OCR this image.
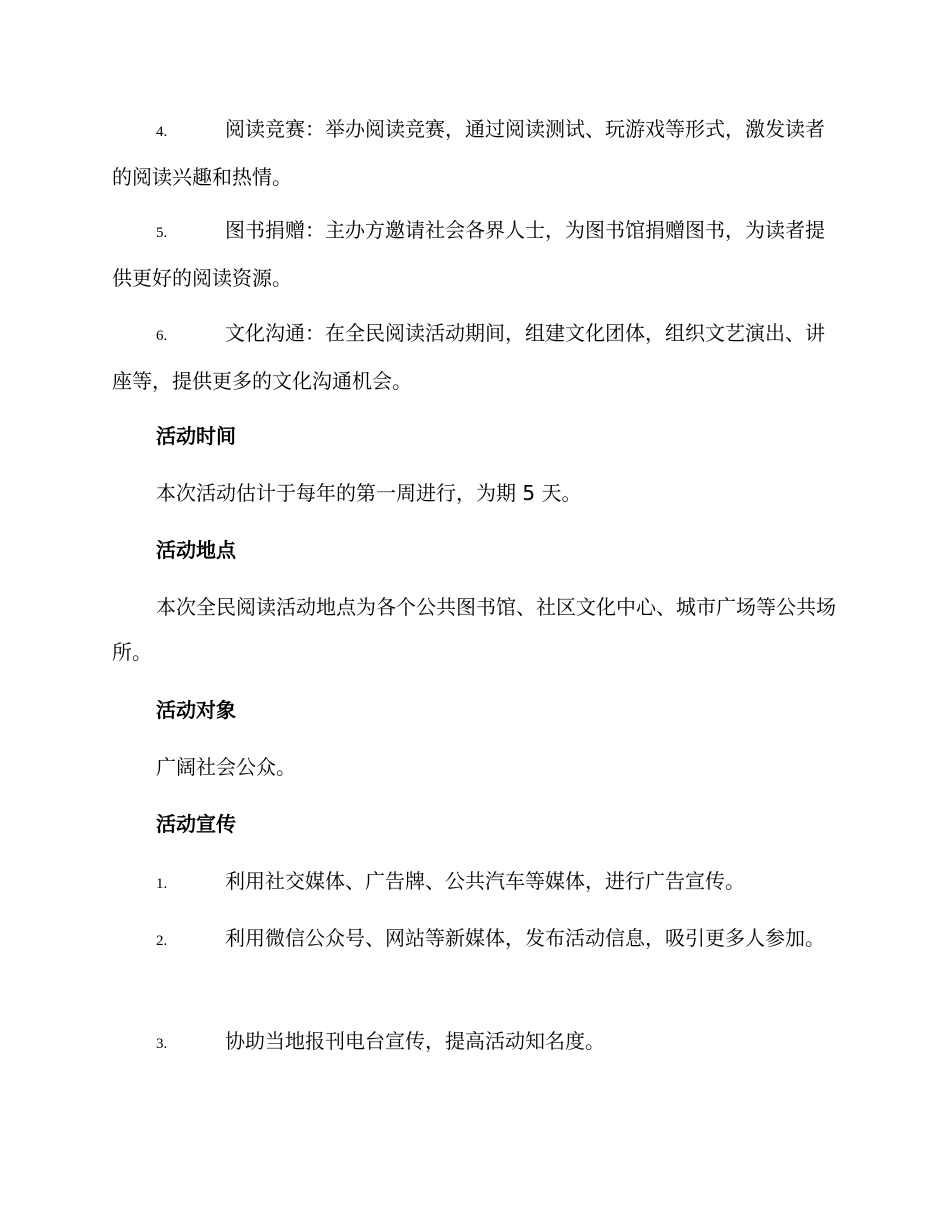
4.	阅读竞赛：举办阅读竞赛，通过阅读测试、玩游戏等形式，激发读者的阅读兴趣和热情。
5.	图书捐赠：主办方邀请社会各界人士，为图书馆捐赠图书，为读者提供更好的阅读资源。
6.	文化沟通：在全民阅读活动期间，组建文化团体，组织文艺演出、讲座等，提供更多的文化沟通机会。
活动时间
本次活动估计于每年的第一周进行，为期 5 天。
活动地点
本次全民阅读活动地点为各个公共图书馆、社区文化中心、城市广场等公共场所。
活动对象
广阔社会公众。
活动宣传
1.	利用社交媒体、广告牌、公共汽车等媒体，进行广告宣传。
2.	利用微信公众号、网站等新媒体，发布活动信息，吸引更多人参加。
3.	协助当地报刊电台宣传，提高活动知名度。
